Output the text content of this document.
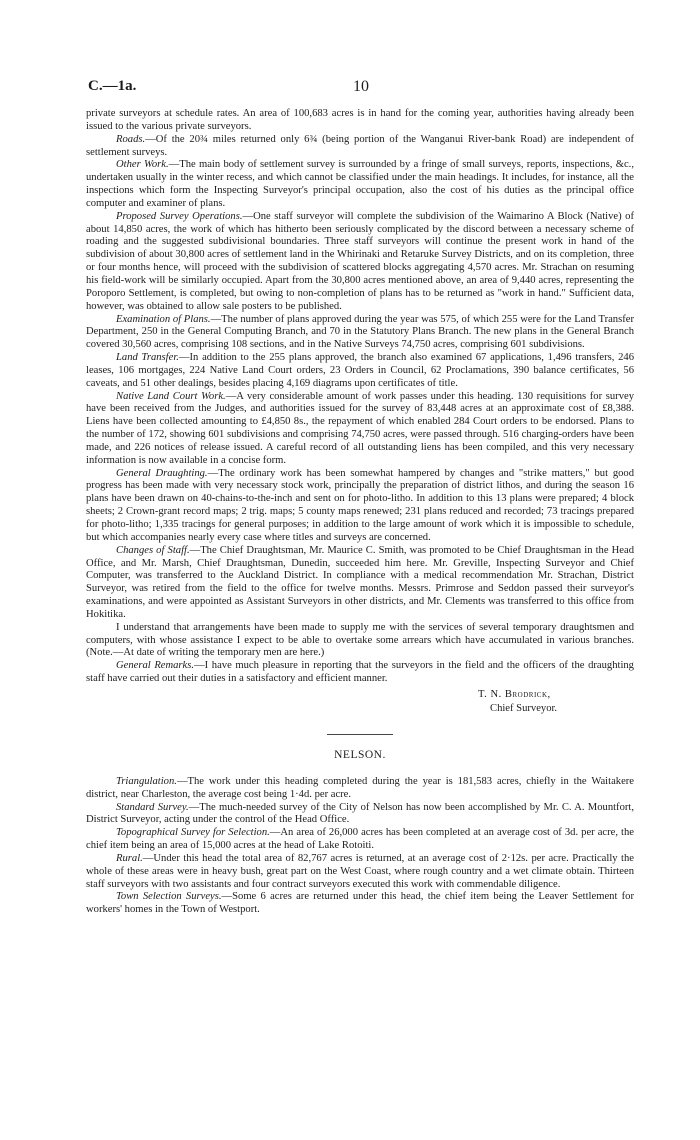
C.—1a.	10

private surveyors at schedule rates. An area of 100,683 acres is in hand for the coming year, authorities having already been issued to the various private surveyors.

Roads.—Of the 20¾ miles returned only 6¾ (being portion of the Wanganui River-bank Road) are independent of settlement surveys.

Other Work.—The main body of settlement survey is surrounded by a fringe of small surveys, reports, inspections, &c., undertaken usually in the winter recess, and which cannot be classified under the main headings. It includes, for instance, all the inspections which form the Inspecting Surveyor's principal occupation, also the cost of his duties as the principal office computer and examiner of plans.

Proposed Survey Operations.—One staff surveyor will complete the subdivision of the Waimarino A Block (Native) of about 14,850 acres, the work of which has hitherto been seriously complicated by the discord between a necessary scheme of roading and the suggested subdivisional boundaries. Three staff surveyors will continue the present work in hand of the subdivision of about 30,800 acres of settlement land in the Whirinaki and Retaruke Survey Districts, and on its completion, three or four months hence, will proceed with the subdivision of scattered blocks aggregating 4,570 acres. Mr. Strachan on resuming his field-work will be similarly occupied. Apart from the 30,800 acres mentioned above, an area of 9,440 acres, representing the Poroporo Settlement, is completed, but owing to non-completion of plans has to be returned as "work in hand." Sufficient data, however, was obtained to allow sale posters to be published.

Examination of Plans.—The number of plans approved during the year was 575, of which 255 were for the Land Transfer Department, 250 in the General Computing Branch, and 70 in the Statutory Plans Branch. The new plans in the General Branch covered 30,560 acres, comprising 108 sections, and in the Native Surveys 74,750 acres, comprising 601 subdivisions.

Land Transfer.—In addition to the 255 plans approved, the branch also examined 67 applications, 1,496 transfers, 246 leases, 106 mortgages, 224 Native Land Court orders, 23 Orders in Council, 62 Proclamations, 390 balance certificates, 56 caveats, and 51 other dealings, besides placing 4,169 diagrams upon certificates of title.

Native Land Court Work.—A very considerable amount of work passes under this heading. 130 requisitions for survey have been received from the Judges, and authorities issued for the survey of 83,448 acres at an approximate cost of £8,388. Liens have been collected amounting to £4,850 8s., the repayment of which enabled 284 Court orders to be endorsed. Plans to the number of 172, showing 601 subdivisions and comprising 74,750 acres, were passed through. 516 charging-orders have been made, and 226 notices of release issued. A careful record of all outstanding liens has been compiled, and this very necessary information is now available in a concise form.

General Draughting.—The ordinary work has been somewhat hampered by changes and "strike matters," but good progress has been made with very necessary stock work, principally the preparation of district lithos, and during the season 16 plans have been drawn on 40-chains-to-the-inch and sent on for photo-litho. In addition to this 13 plans were prepared; 4 block sheets; 2 Crown-grant record maps; 2 trig. maps; 5 county maps renewed; 231 plans reduced and recorded; 73 tracings prepared for photo-litho; 1,335 tracings for general purposes; in addition to the large amount of work which it is impossible to schedule, but which accompanies nearly every case where titles and surveys are concerned.

Changes of Staff.—The Chief Draughtsman, Mr. Maurice C. Smith, was promoted to be Chief Draughtsman in the Head Office, and Mr. Marsh, Chief Draughtsman, Dunedin, succeeded him here. Mr. Greville, Inspecting Surveyor and Chief Computer, was transferred to the Auckland District. In compliance with a medical recommendation Mr. Strachan, District Surveyor, was retired from the field to the office for twelve months. Messrs. Primrose and Seddon passed their surveyor's examinations, and were appointed as Assistant Surveyors in other districts, and Mr. Clements was transferred to this office from Hokitika.

I understand that arrangements have been made to supply me with the services of several temporary draughtsmen and computers, with whose assistance I expect to be able to overtake some arrears which have accumulated in various branches. (Note.—At date of writing the temporary men are here.)

General Remarks.—I have much pleasure in reporting that the surveyors in the field and the officers of the draughting staff have carried out their duties in a satisfactory and efficient manner.

T. N. Brodrick,
Chief Surveyor.
NELSON.

Triangulation.—The work under this heading completed during the year is 181,583 acres, chiefly in the Waitakere district, near Charleston, the average cost being 1·4d. per acre.

Standard Survey.—The much-needed survey of the City of Nelson has now been accomplished by Mr. C. A. Mountfort, District Surveyor, acting under the control of the Head Office.

Topographical Survey for Selection.—An area of 26,000 acres has been completed at an average cost of 3d. per acre, the chief item being an area of 15,000 acres at the head of Lake Rotoiti.

Rural.—Under this head the total area of 82,767 acres is returned, at an average cost of 2·12s. per acre. Practically the whole of these areas were in heavy bush, great part on the West Coast, where rough country and a wet climate obtain. Thirteen staff surveyors with two assistants and four contract surveyors executed this work with commendable diligence.

Town Selection Surveys.—Some 6 acres are returned under this head, the chief item being the Leaver Settlement for workers' homes in the Town of Westport.
